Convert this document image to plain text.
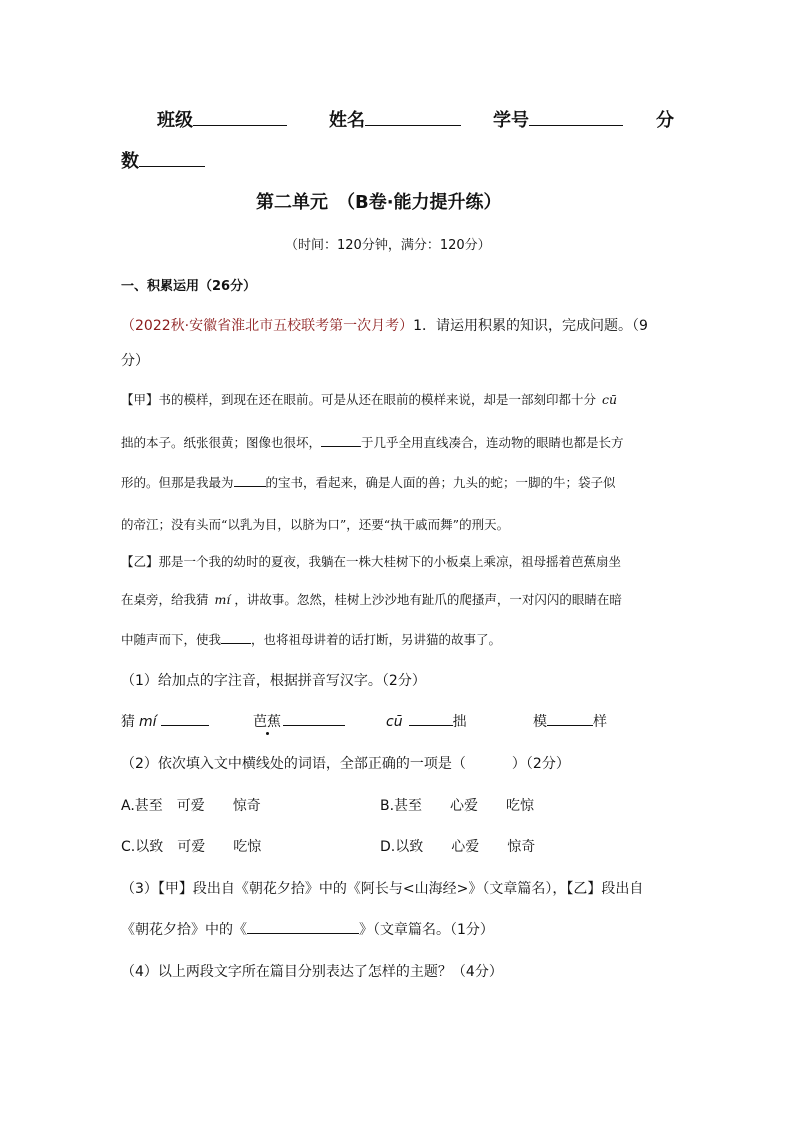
班级	姓名	学号	分
数
第二单元　（B卷·能力提升练）
（时间：120分钟，满分：120分）
一、积累运用（26分）
（2022秋·安徽省淮北市五校联考第一次月考）1．请运用积累的知识，完成问题。（9
分）
【甲】书的模样，到现在还在眼前。可是从还在眼前的模样来说，却是一部刻印都十分 cū
拙的本子。纸张很黄；图像也很坏，	于几乎全用直线凑合，连动物的眼睛也都是长方
形的。但那是我最为	的宝书，看起来，确是人面的兽；九头的蛇；一脚的牛；袋子似
的帝江；没有头而“以乳为目，以脐为口”，还要“执干戚而舞”的刑天。
【乙】那是一个我的幼时的夏夜，我躺在一株大桂树下的小板桌上乘凉，祖母摇着芭蕉扇坐
在桌旁，给我猜 mí ，讲故事。忽然，桂树上沙沙地有趾爪的爬搔声，一对闪闪的眼睛在暗
中随声而下，使我 ，也将祖母讲着的话打断，另讲猫的故事了。
（1）给加点的字注音，根据拼音写汉字。（2分）
猜 mí	芭蕉	cū	拙	模	样
（2）依次填入文中横线处的词语，全部正确的一项是（	）（2分）
A.甚至　可爱　　惊奇	B.甚至　　心爱　　吃惊
C.以致　可爱　　吃惊	D.以致　　心爱　　惊奇
（3）【甲】段出自《朝花夕拾》中的《阿长与<山海经>》（文章篇名），【乙】段出自
《朝花夕拾》中的《	》（文章篇名。（1分）
（4）以上两段文字所在篇目分别表达了怎样的主题？（4分）
